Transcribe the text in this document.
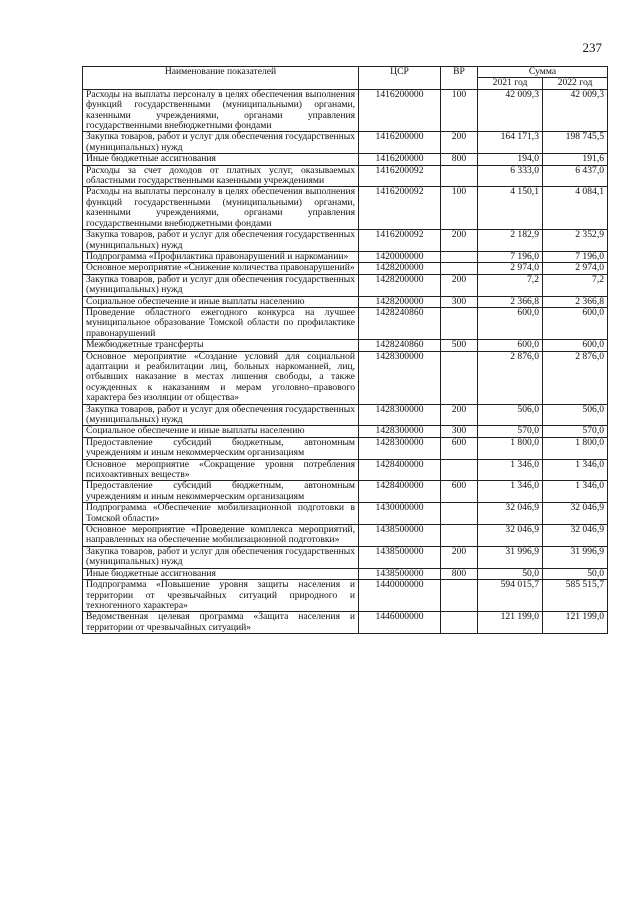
237
Наименование показателей	ЦСР	ВР	Сумма	
			2021 год	2022 год
Расходы на выплаты персоналу в целях обеспечения выполнения функций государственными (муниципальными) органами, казенными учреждениями, органами управления государственными внебюджетными фондами	1416200000	100	42 009,3	42 009,3
Закупка товаров, работ и услуг для обеспечения государственных (муниципальных) нужд	1416200000	200	164 171,3	198 745,5
Иные бюджетные ассигнования	1416200000	800	194,0	191,6
Расходы за счет доходов от платных услуг, оказываемых областными государственными казенными учреждениями	1416200092		6 333,0	6 437,0
Расходы на выплаты персоналу в целях обеспечения выполнения функций государственными (муниципальными) органами, казенными учреждениями, органами управления государственными внебюджетными фондами	1416200092	100	4 150,1	4 084,1
Закупка товаров, работ и услуг для обеспечения государственных (муниципальных) нужд	1416200092	200	2 182,9	2 352,9
Подпрограмма «Профилактика правонарушений и наркомании»	1420000000		7 196,0	7 196,0
Основное мероприятие «Снижение количества правонарушений»	1428200000		2 974,0	2 974,0
Закупка товаров, работ и услуг для обеспечения государственных (муниципальных) нужд	1428200000	200	7,2	7,2
Социальное обеспечение и иные выплаты населению	1428200000	300	2 366,8	2 366,8
Проведение областного ежегодного конкурса на лучшее муниципальное образование Томской области по профилактике правонарушений	1428240860		600,0	600,0
Межбюджетные трансферты	1428240860	500	600,0	600,0
Основное мероприятие «Создание условий для социальной адаптации и реабилитации лиц, больных наркоманией, лиц, отбывших наказание в местах лишения свободы, а также осужденных к наказаниям и мерам уголовно–правового характера без изоляции от общества»	1428300000		2 876,0	2 876,0
Закупка товаров, работ и услуг для обеспечения государственных (муниципальных) нужд	1428300000	200	506,0	506,0
Социальное обеспечение и иные выплаты населению	1428300000	300	570,0	570,0
Предоставление субсидий бюджетным, автономным учреждениям и иным некоммерческим организациям	1428300000	600	1 800,0	1 800,0
Основное мероприятие «Сокращение уровня потребления психоактивных веществ»	1428400000		1 346,0	1 346,0
Предоставление субсидий бюджетным, автономным учреждениям и иным некоммерческим организациям	1428400000	600	1 346,0	1 346,0
Подпрограмма «Обеспечение мобилизационной подготовки в Томской области»	1430000000		32 046,9	32 046,9
Основное мероприятие «Проведение комплекса мероприятий, направленных на обеспечение мобилизационной подготовки»	1438500000		32 046,9	32 046,9
Закупка товаров, работ и услуг для обеспечения государственных (муниципальных) нужд	1438500000	200	31 996,9	31 996,9
Иные бюджетные ассигнования	1438500000	800	50,0	50,0
Подпрограмма «Повышение уровня защиты населения и территории от чрезвычайных ситуаций природного и техногенного характера»	1440000000		594 015,7	585 515,7
Ведомственная целевая программа «Защита населения и территории от чрезвычайных ситуаций»	1446000000		121 199,0	121 199,0
